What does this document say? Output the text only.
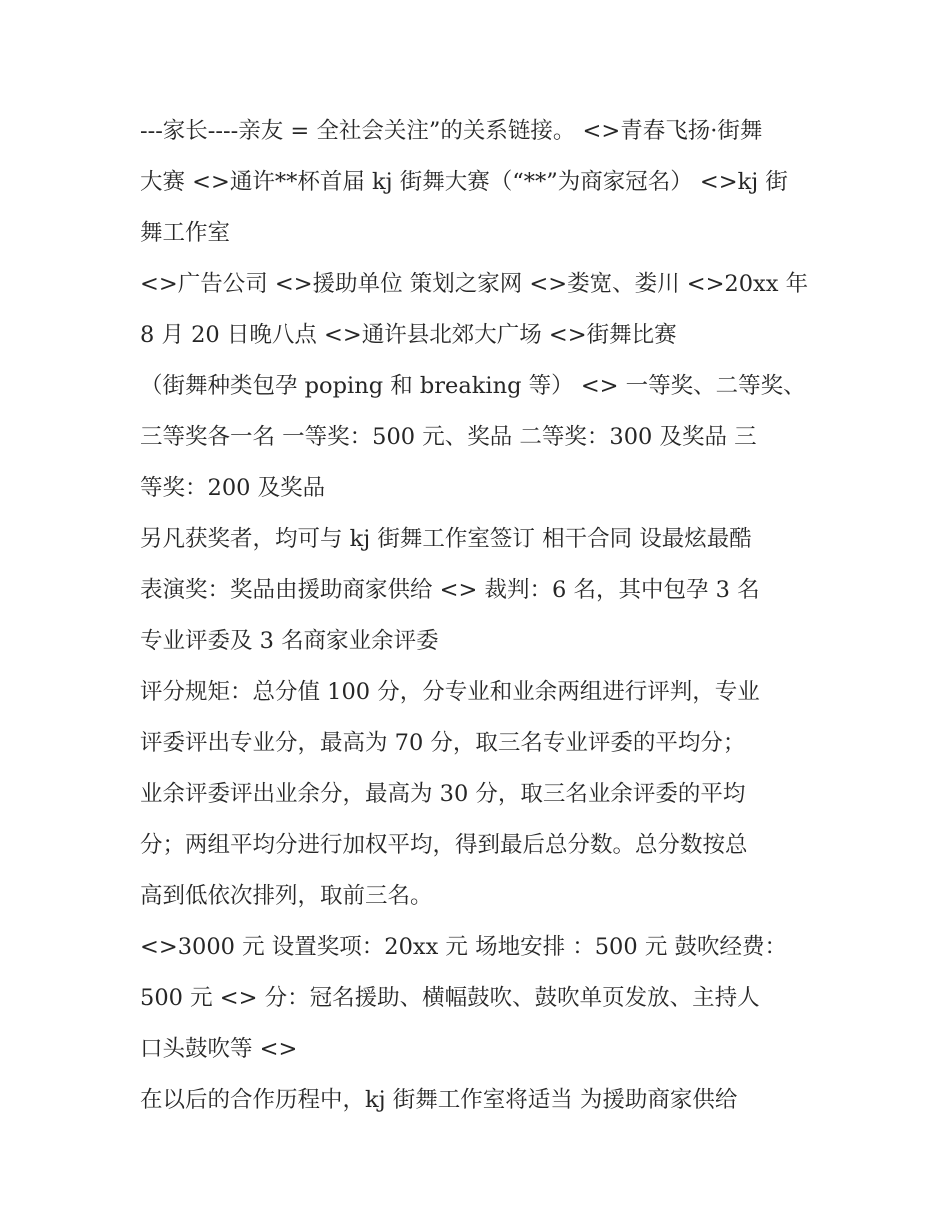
---家长----亲友 = 全社会关注”的关系链接。 <>青春飞扬·街舞
大赛 <>通许**杯首届 kj 街舞大赛（“**”为商家冠名） <>kj 街
舞工作室
<>广告公司 <>援助单位 策划之家网 <>娄宽、娄川 <>20xx 年
8 月 20 日晚八点 <>通许县北郊大广场 <>街舞比赛
（街舞种类包孕 poping 和 breaking 等） <> 一等奖、二等奖、
三等奖各一名 一等奖：500 元、奖品 二等奖：300 及奖品 三
等奖：200 及奖品
另凡获奖者，均可与 kj 街舞工作室签订 相干合同 设最炫最酷
表演奖：奖品由援助商家供给 <> 裁判：6 名，其中包孕 3 名
专业评委及 3 名商家业余评委
评分规矩：总分值 100 分，分专业和业余两组进行评判，专业
评委评出专业分，最高为 70 分，取三名专业评委的平均分；
业余评委评出业余分，最高为 30 分，取三名业余评委的平均
分；两组平均分进行加权平均，得到最后总分数。总分数按总
高到低依次排列，取前三名。
<>3000 元 设置奖项：20xx 元 场地安排 ：500 元 鼓吹经费：
500 元 <> 分：冠名援助、横幅鼓吹、鼓吹单页发放、主持人
口头鼓吹等 <>
在以后的合作历程中，kj 街舞工作室将适当 为援助商家供给
